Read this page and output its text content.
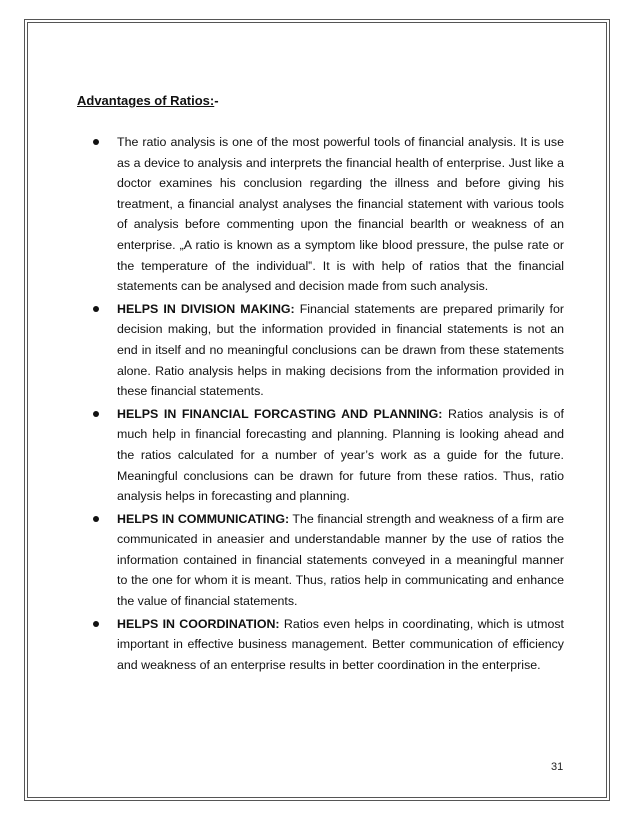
Advantages of Ratios:-
The ratio analysis is one of the most powerful tools of financial analysis. It is use as a device to analysis and interprets the financial health of enterprise. Just like a doctor examines his conclusion regarding the illness and before giving his treatment, a financial analyst analyses the financial statement with various tools of analysis before commenting upon the financial bearlth or weakness of an enterprise. „A ratio is known as a symptom like blood pressure, the pulse rate or the temperature of the individual‟. It is with help of ratios that the financial statements can be analysed and decision made from such analysis.
HELPS IN DIVISION MAKING: Financial statements are prepared primarily for decision making, but the information provided in financial statements is not an end in itself and no meaningful conclusions can be drawn from these statements alone. Ratio analysis helps in making decisions from the information provided in these financial statements.
HELPS IN FINANCIAL FORCASTING AND PLANNING: Ratios analysis is of much help in financial forecasting and planning. Planning is looking ahead and the ratios calculated for a number of year’s work as a guide for the future. Meaningful conclusions can be drawn for future from these ratios. Thus, ratio analysis helps in forecasting and planning.
HELPS IN COMMUNICATING: The financial strength and weakness of a firm are communicated in aneasier and understandable manner by the use of ratios the information contained in financial statements conveyed in a meaningful manner to the one for whom it is meant. Thus, ratios help in communicating and enhance the value of financial statements.
HELPS IN COORDINATION: Ratios even helps in coordinating, which is utmost important in effective business management. Better communication of efficiency and weakness of an enterprise results in better coordination in the enterprise.
31
